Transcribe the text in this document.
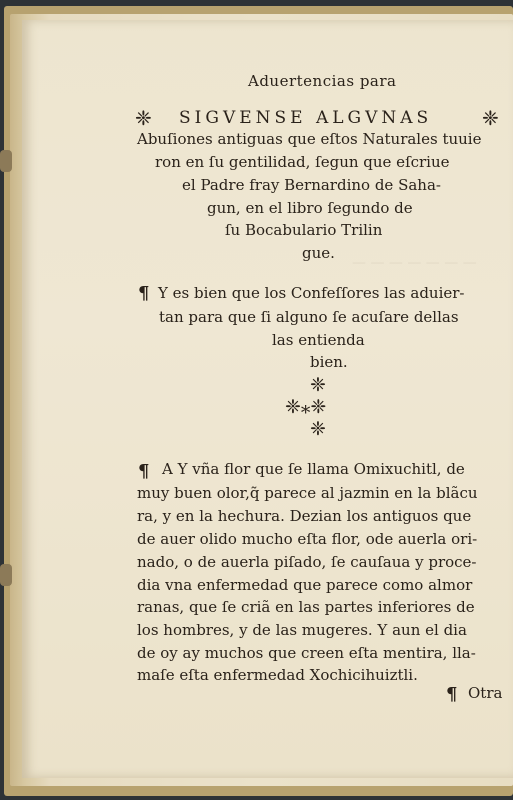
— — — — — — —
Aduertencias para
❈ SIGVENSE ALGVNAS ❈
Abuſiones antiguas que eſtos Naturales tuuie
ron en ſu gentilidad, ſegun que eſcriue
el Padre fray Bernardino de Saha-
gun, en el libro ſegundo de
ſu Bocabulario Trilin
gue.
¶ Y es bien que los Confeſſores las aduier-
tan para que ſi alguno ſe acuſare dellas
las entienda
bien.
❈
❈⁎❈
❈
¶ A Y vña flor que ſe llama Omixuchitl, de
muy buen olor,q̃ parece al jazmin en la blãcu
ra, y en la hechura. Dezian los antiguos que
de auer olido mucho eſta flor, ode auerla ori-
nado, o de auerla piſado, ſe cauſaua y proce-
dia vna enfermedad que parece como almor
ranas, que ſe criã en las partes inferiores de
los hombres, y de las mugeres. Y aun el dia
de oy ay muchos que creen eſta mentira, lla-
maſe eſta enfermedad Xochicihuiztli.
¶ Otra
